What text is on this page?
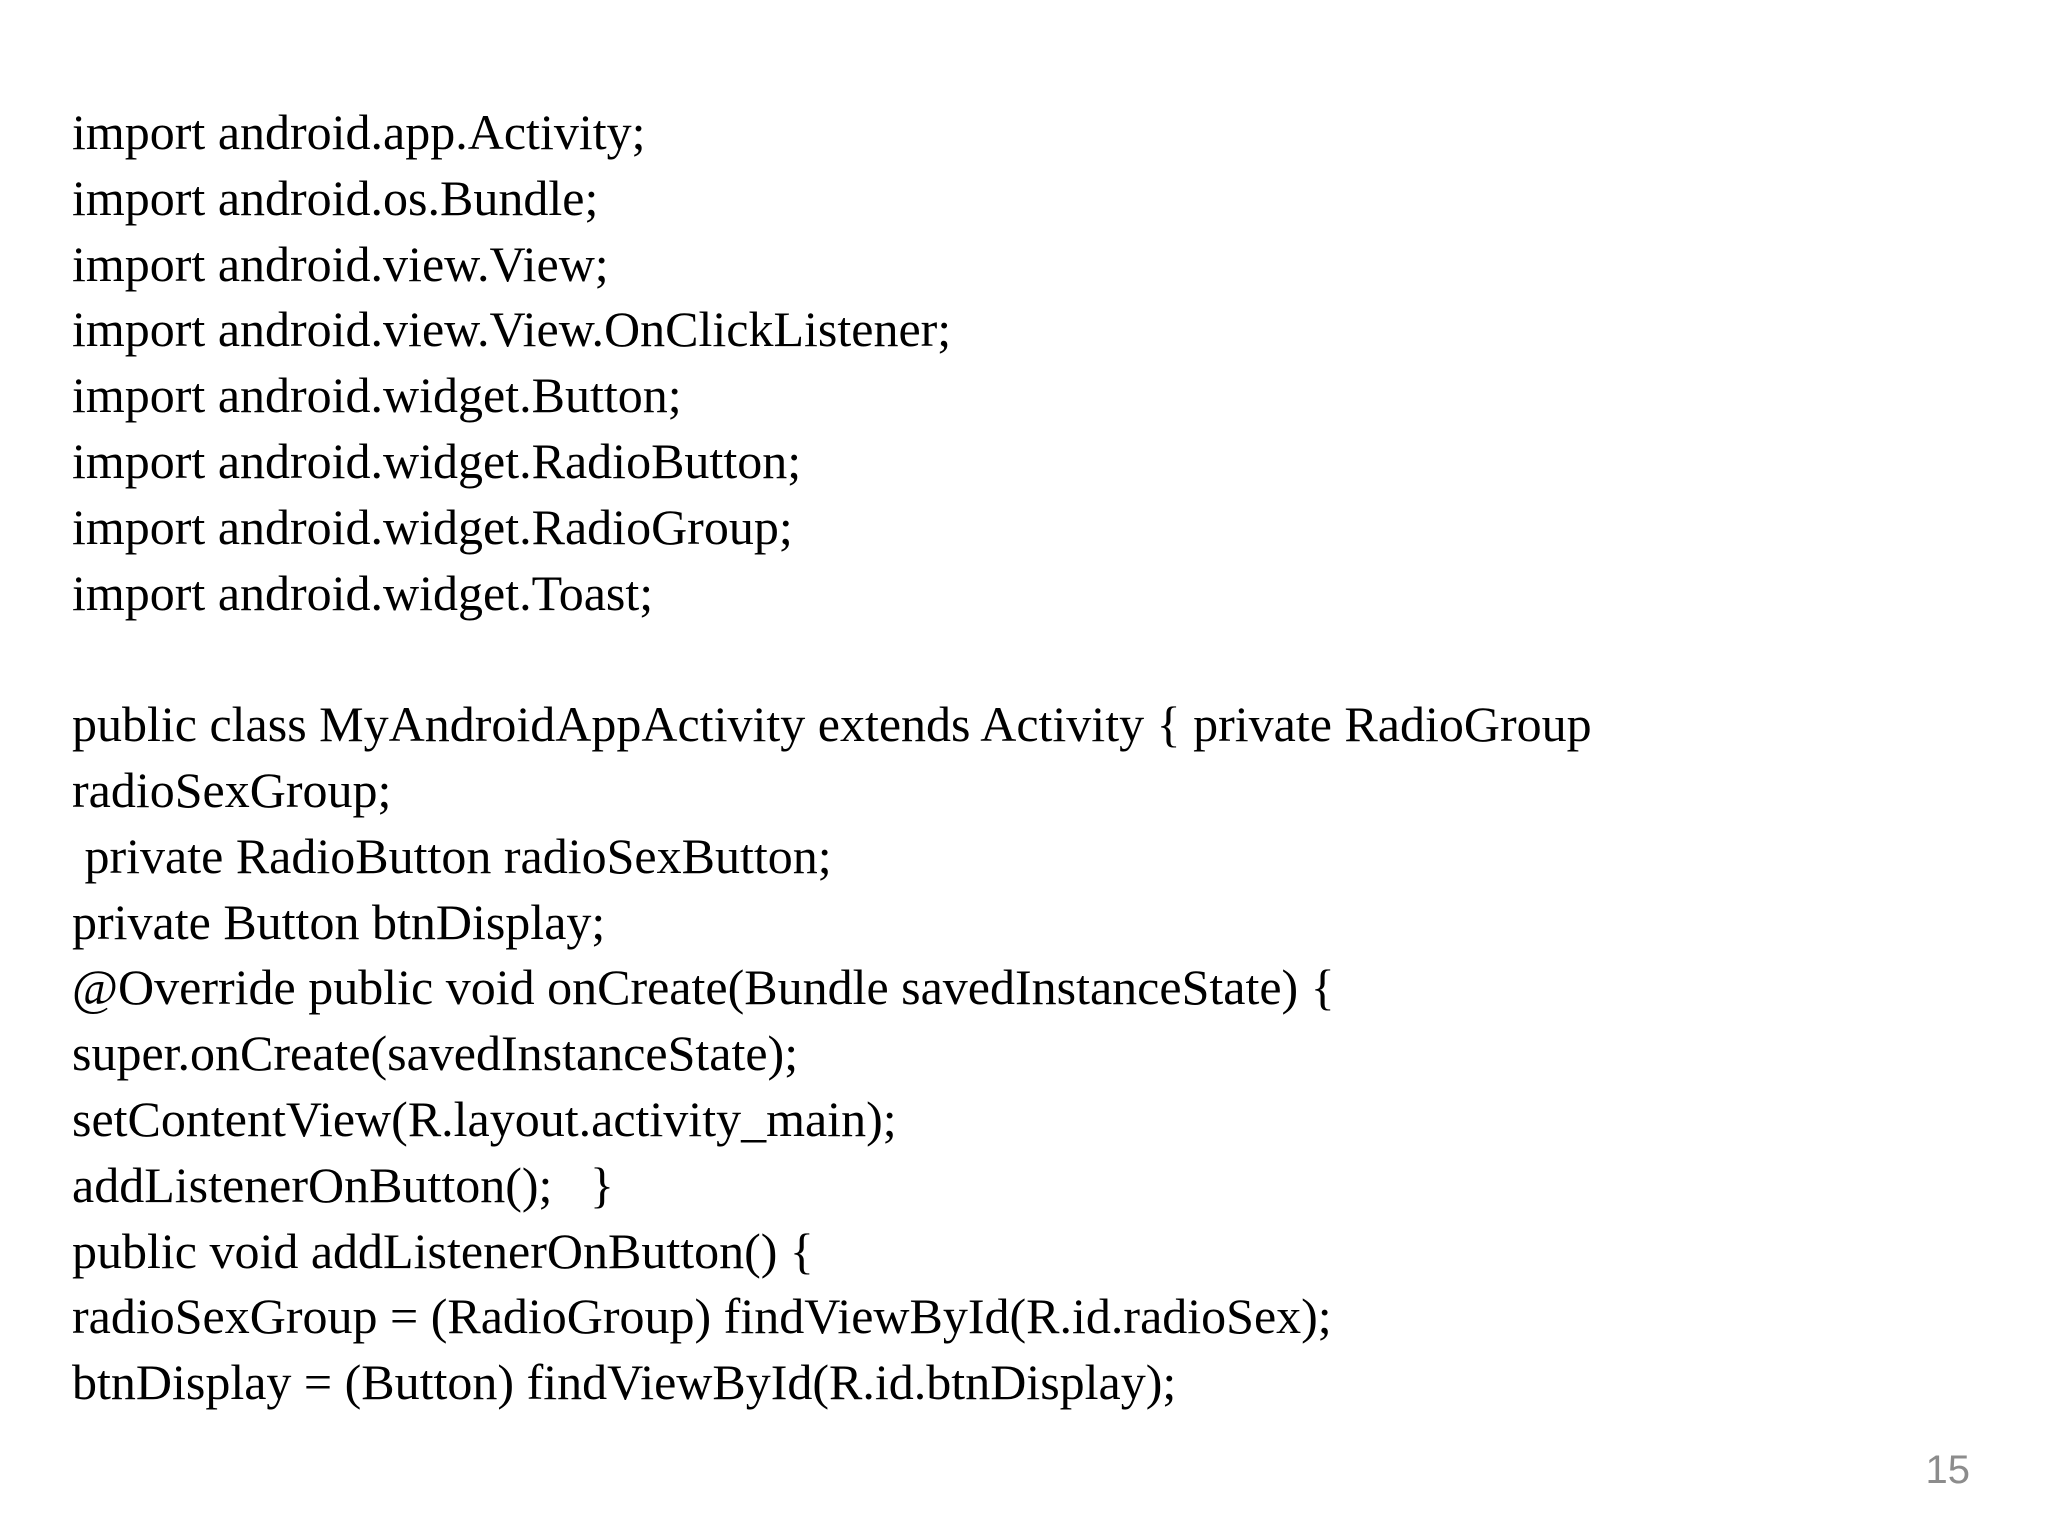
import android.app.Activity;
import android.os.Bundle;
import android.view.View;
import android.view.View.OnClickListener;
import android.widget.Button;
import android.widget.RadioButton;
import android.widget.RadioGroup;
import android.widget.Toast;
public class MyAndroidAppActivity extends Activity { private RadioGroup
radioSexGroup;
private RadioButton radioSexButton;
private Button btnDisplay;
@Override public void onCreate(Bundle savedInstanceState) {
super.onCreate(savedInstanceState);
setContentView(R.layout.activity_main);
addListenerOnButton();   }
public void addListenerOnButton() {
radioSexGroup = (RadioGroup) findViewById(R.id.radioSex);
btnDisplay = (Button) findViewById(R.id.btnDisplay);
15
